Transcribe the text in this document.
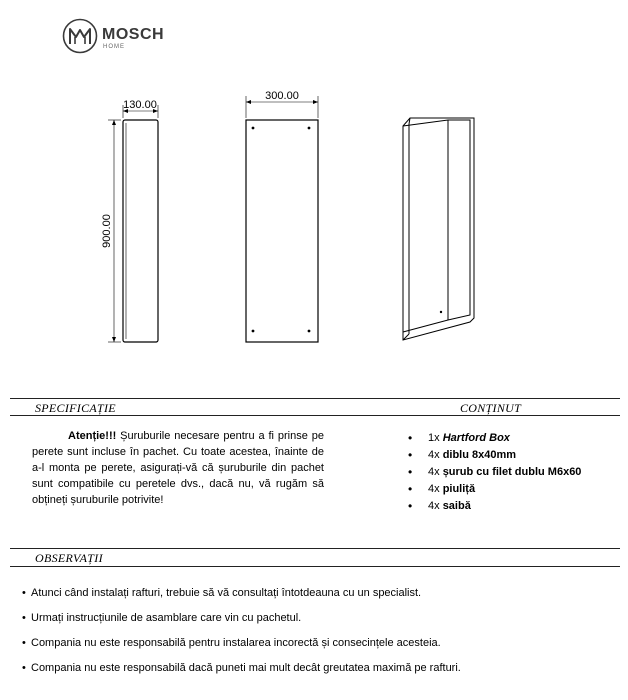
MOSCH
HOME
130.00
900.00
300.00
SPECIFICAȚIE	CONȚINUT
Atenție!!! Șuruburile necesare pentru a fi prinse pe perete sunt incluse în pachet. Cu toate acestea, înainte de a-l monta pe perete, asigurați-vă că șuruburile din pachet sunt compatibile cu peretele dvs., dacă nu, vă rugăm să obțineți șuruburile potrivite!
• 1x Hartford Box
• 4x diblu 8x40mm
• 4x șurub cu filet dublu M6x60
• 4x piuliță
• 4x saibă
OBSERVAȚII
• Atunci când instalați rafturi, trebuie să vă consultați întotdeauna cu un specialist.
• Urmați instrucțiunile de asamblare care vin cu pachetul.
• Compania nu este responsabilă pentru instalarea incorectă și consecințele acesteia.
• Compania nu este responsabilă dacă puneti mai mult decât greutatea maximă pe rafturi.
